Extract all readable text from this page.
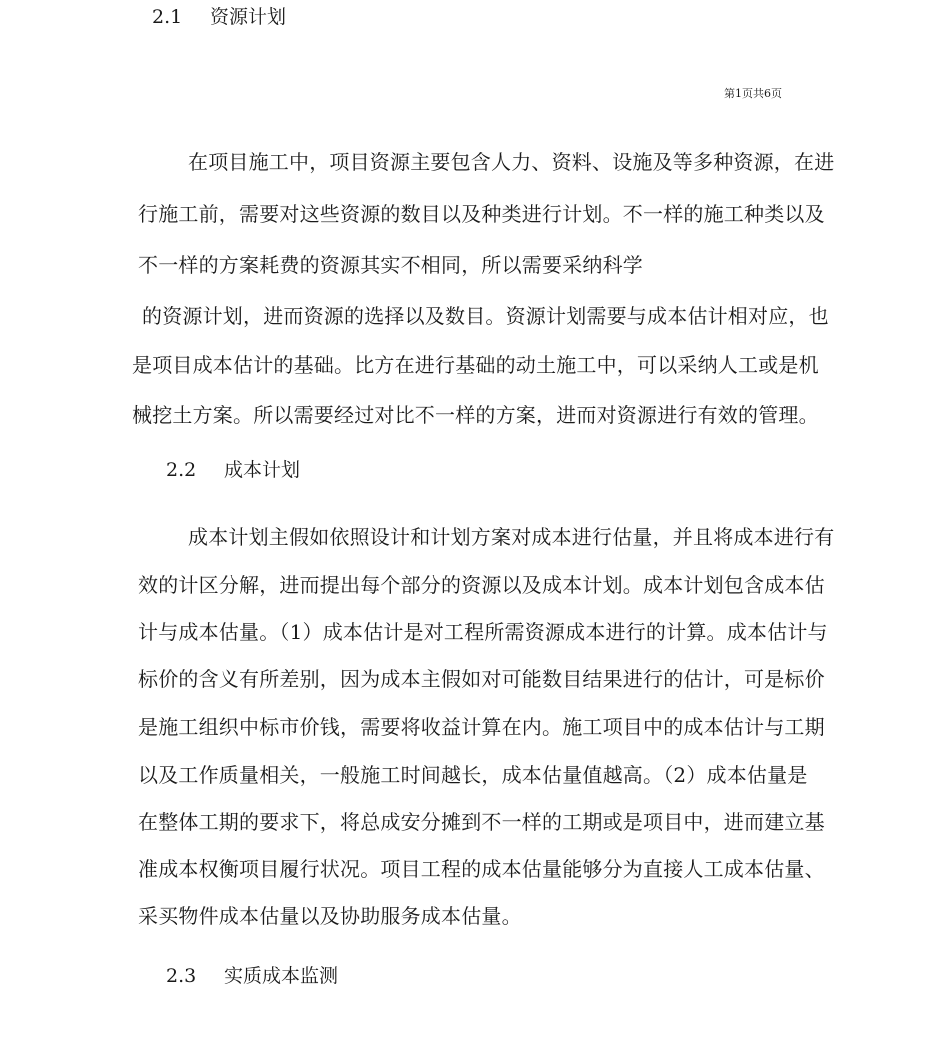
2.1 资源计划
第1页共6页
在项目施工中，项目资源主要包含人力、资料、设施及等多种资源，在进
行施工前，需要对这些资源的数目以及种类进行计划。不一样的施工种类以及
不一样的方案耗费的资源其实不相同，所以需要采纳科学
的资源计划，进而资源的选择以及数目。资源计划需要与成本估计相对应，也
是项目成本估计的基础。比方在进行基础的动土施工中，可以采纳人工或是机
械挖土方案。所以需要经过对比不一样的方案，进而对资源进行有效的管理。
2.2 成本计划
成本计划主假如依照设计和计划方案对成本进行估量，并且将成本进行有
效的计区分解，进而提出每个部分的资源以及成本计划。成本计划包含成本估
计与成本估量。（1）成本估计是对工程所需资源成本进行的计算。成本估计与
标价的含义有所差别，因为成本主假如对可能数目结果进行的估计，可是标价
是施工组织中标市价钱，需要将收益计算在内。施工项目中的成本估计与工期
以及工作质量相关，一般施工时间越长，成本估量值越高。（2）成本估量是
在整体工期的要求下，将总成安分摊到不一样的工期或是项目中，进而建立基
准成本权衡项目履行状况。项目工程的成本估量能够分为直接人工成本估量、
采买物件成本估量以及协助服务成本估量。
2.3 实质成本监测
